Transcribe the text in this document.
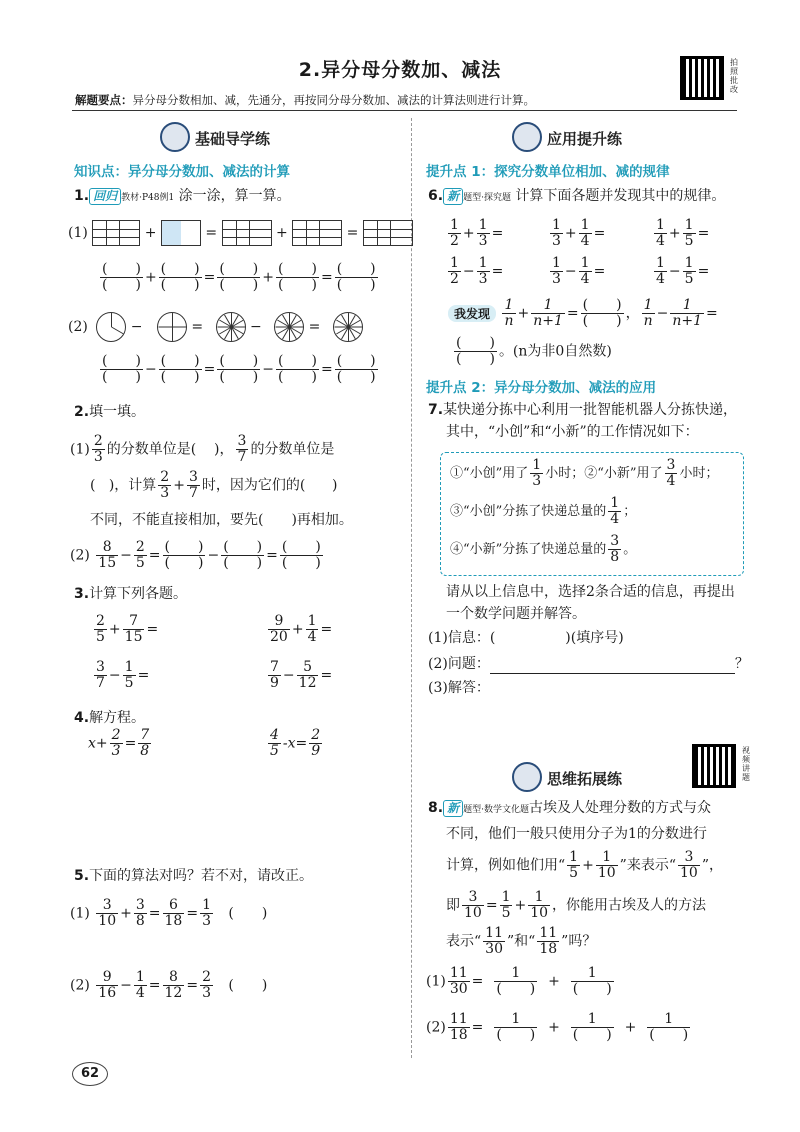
2.异分母分数加、减法
解题要点：异分母分数相加、减，先通分，再按同分母分数加、减法的计算法则进行计算。
拍照批改
基础导学练
知识点：异分母分数加、减法的计算
1. 回归 教材·P48例1 涂一涂，算一算。
(1)	+	=	+	=
$\frac{( )}{( )} + \frac{( )}{( )} = \frac{( )}{( )} + \frac{( )}{( )} = \frac{( )}{( )}$
(2)	−	=	−	=
$\frac{( )}{( )} - \frac{( )}{( )} = \frac{( )}{( )} - \frac{( )}{( )} = \frac{( )}{( )}$
2.填一填。
$(1) \frac{2}{3}$ 的分数单位是( )， $\frac{3}{7}$ 的分数单位是
( )，计算 $\frac{2}{3} + \frac{3}{7}$ 时，因为它们的( )
不同，不能直接相加，要先(　　)再相加。
$(2) \frac{8}{15} - \frac{2}{5} = \frac{( )}{( )} - \frac{( )}{( )} = \frac{( )}{( )}$
3.计算下列各题。
$\frac{2}{5} + \frac{7}{15}$ =	$\frac{9}{20} + \frac{1}{4}$ =
$\frac{3}{7} - \frac{1}{5}$ =	$\frac{7}{9} - \frac{5}{12}$ =
4.解方程。
$x+ \frac{2}{3} = \frac{7}{8}$	$\frac{4}{5} -x= \frac{2}{9}$
5.下面的算法对吗？若不对，请改正。
$(1) \frac{3}{10} + \frac{3}{8} = \frac{6}{18} = \frac{1}{3}$ (　　)
$(2) \frac{9}{16} - \frac{1}{4} = \frac{8}{12} = \frac{2}{3}$ (　　)
应用提升练
提升点 1：探究分数单位相加、减的规律
6. 新 题型·探究题 计算下面各题并发现其中的规律。
$\frac{1}{2} + \frac{1}{3}$ =	$\frac{1}{3} + \frac{1}{4}$ =	$\frac{1}{4} + \frac{1}{5}$ =
$\frac{1}{2} - \frac{1}{3}$ =	$\frac{1}{3} - \frac{1}{4}$ =	$\frac{1}{4} - \frac{1}{5}$ =
我发现 $\frac{1}{n} + \frac{1}{n+1} = \frac{( )}{( )}$ ， $\frac{1}{n} - \frac{1}{n+1}$ =
$\frac{( )}{( )}$ 。(n为非0自然数)
提升点 2：异分母分数加、减法的应用
7.某快递分拣中心利用一批智能机器人分拣快递，
其中，“小创”和“小新”的工作情况如下：
①“小创”用了 $\frac{1}{3}$ 小时；②“小新”用了 $\frac{3}{4}$ 小时；
③“小创”分拣了快递总量的 $\frac{1}{4}$ ；
④“小新”分拣了快递总量的 $\frac{3}{8}$ 。
请从以上信息中，选择2条合适的信息，再提出
一个数学问题并解答。
(1)信息：(　　　　　)(填序号)
(2)问题：	？
(3)解答：
视频讲题
思维拓展练
8. 新 题型·数学文化题古埃及人处理分数的方式与众
不同，他们一般只使用分子为1的分数进行
计算，例如他们用“ $\frac{1}{5} + \frac{1}{10}$ ”来表示“ $\frac{3}{10}$ ”，
即 $\frac{3}{10} = \frac{1}{5} + \frac{1}{10}$ ，你能用古埃及人的方法
表示“ $\frac{11}{30}$ ”和“ $\frac{11}{18}$ ”吗？
$(1) \frac{11}{30} = \frac{1}{( )} + \frac{1}{( )}$
$(2) \frac{11}{18} = \frac{1}{( )} + \frac{1}{( )} + \frac{1}{( )}$
62
